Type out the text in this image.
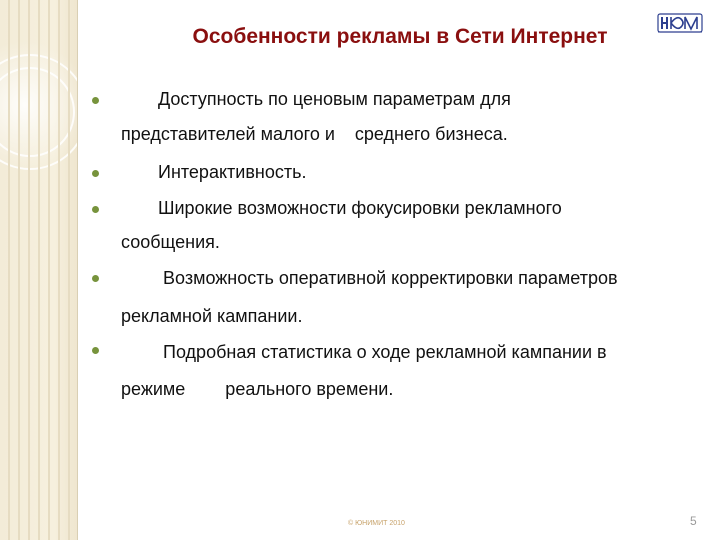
Особенности рекламы в Сети Интернет
Доступность по ценовым параметрам для
представителей малого и    среднего бизнеса.
Интерактивность.
Широкие возможности фокусировки рекламного
сообщения.
Возможность оперативной корректировки параметров
рекламной кампании.
Подробная статистика о ходе рекламной кампании в
режиме        реального времени.
© ЮНИМИТ 2010	5
